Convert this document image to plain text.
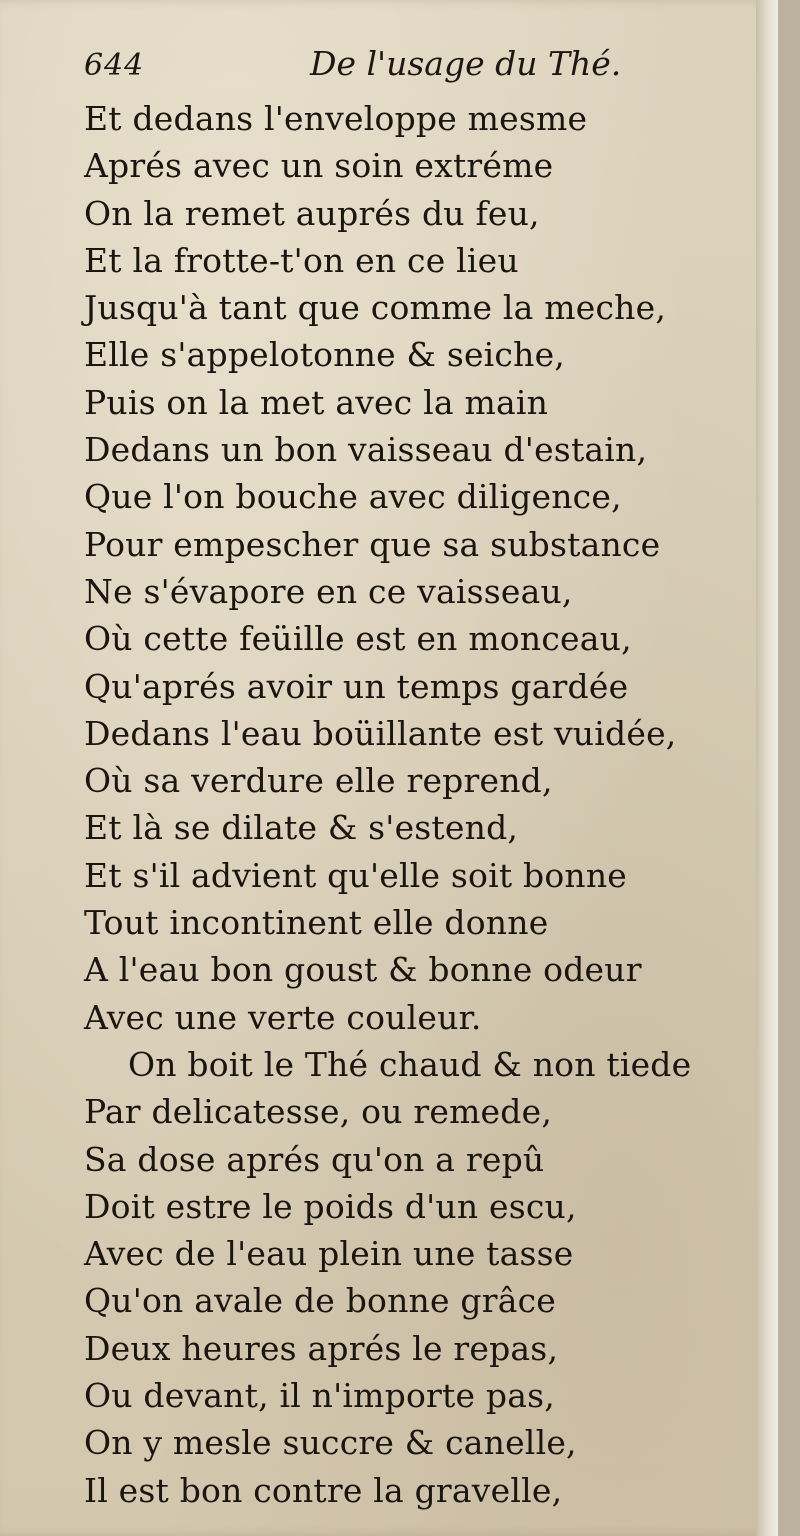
644	De l'usage du Thé.
Et dedans l'enveloppe mesme
Aprés avec un soin extréme
On la remet auprés du feu,
Et la frotte-t'on en ce lieu
Jusqu'à tant que comme la meche,
Elle s'appelotonne & seiche,
Puis on la met avec la main
Dedans un bon vaisseau d'estain,
Que l'on bouche avec diligence,
Pour empescher que sa substance
Ne s'évapore en ce vaisseau,
Où cette feüille est en monceau,
Qu'aprés avoir un temps gardée
Dedans l'eau boüillante est vuidée,
Où sa verdure elle reprend,
Et là se dilate & s'estend,
Et s'il advient qu'elle soit bonne
Tout incontinent elle donne
A l'eau bon goust & bonne odeur
Avec une verte couleur.
On boit le Thé chaud & non tiede
Par delicatesse, ou remede,
Sa dose aprés qu'on a repû
Doit estre le poids d'un escu,
Avec de l'eau plein une tasse
Qu'on avale de bonne grâce
Deux heures aprés le repas,
Ou devant, il n'importe pas,
On y mesle succre & canelle,
Il est bon contre la gravelle,
